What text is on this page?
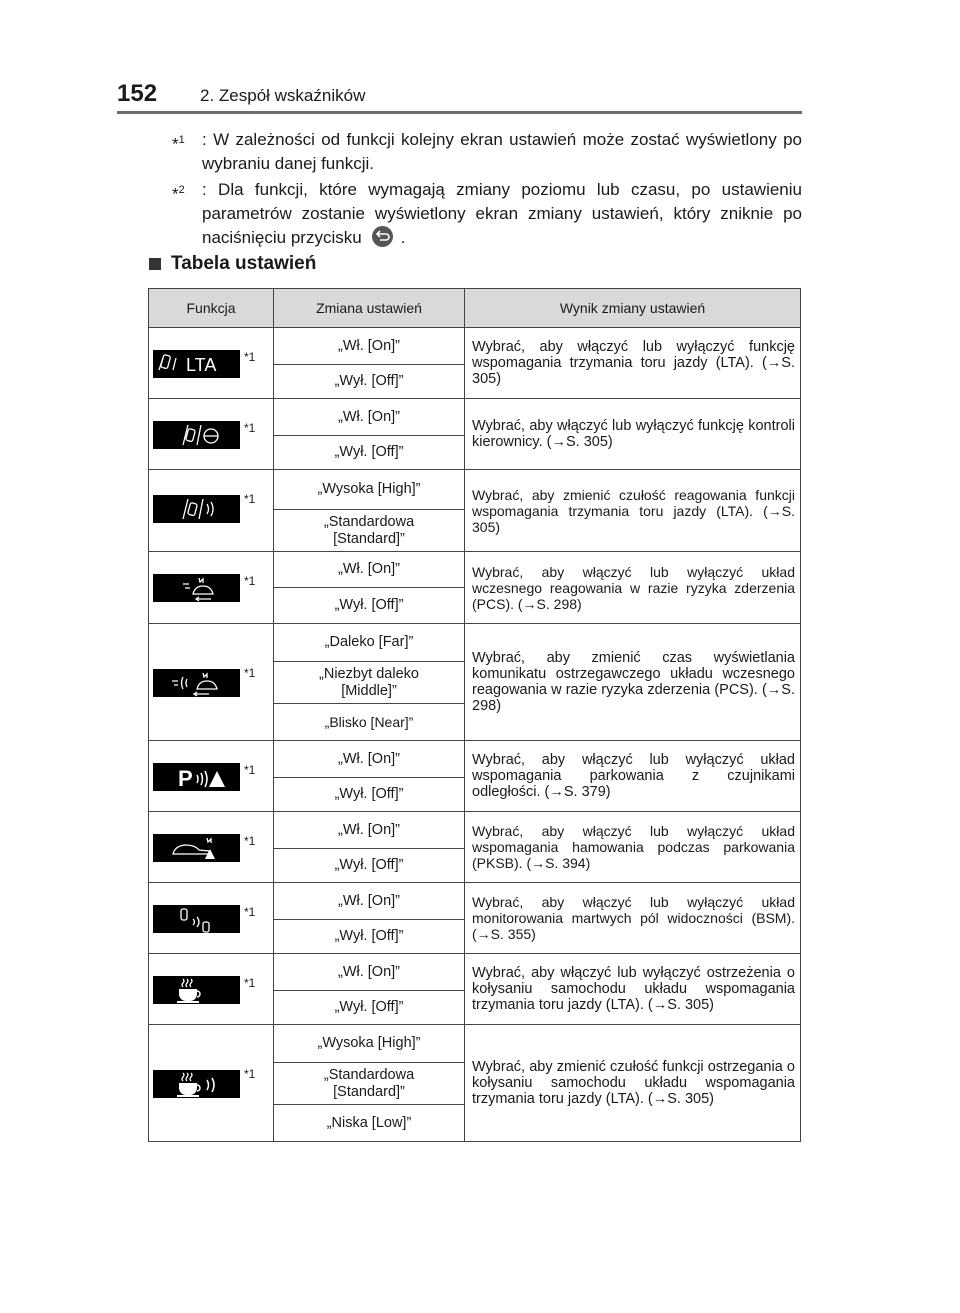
152	2. Zespół wskaźników
*$^1$ : W zależności od funkcji kolejny ekran ustawień może zostać wyświetlony po wybraniu danej funkcji.
*$^2$ : Dla funkcji, które wymagają zmiany poziomu lub czasu, po ustawieniu parametrów zostanie wyświetlony ekran zmiany ustawień, który zniknie po naciśnięciu przycisku .
Tabela ustawień
Funkcja	Zmiana ustawień	Wynik zmiany ustawień

LTA *1	„Wł. [On]”	Wybrać, aby włączyć lub wyłączyć funkcję wspomagania trzymania toru jazdy (LTA). (→S. 305)
	„Wył. [Off]”	

*1	„Wł. [On]”	Wybrać, aby włączyć lub wyłączyć funkcję kontroli kierownicy. (→S. 305)
	„Wył. [Off]”	

*1	„Wysoka [High]”	Wybrać, aby zmienić czułość reagowania funkcji wspomagania trzymania toru jazdy (LTA). (→S. 305)
	„Standardowa [Standard]”	

*1	„Wł. [On]”	Wybrać, aby włączyć lub wyłączyć układ wczesnego reagowania w razie ryzyka zderzenia (PCS). (→S. 298)
	„Wył. [Off]”	

*1	„Daleko [Far]”	Wybrać, aby zmienić czas wyświetlania komunikatu ostrzegawczego układu wczesnego reagowania w razie ryzyka zderzenia (PCS). (→S. 298)
	„Niezbyt daleko [Middle]”	
	„Blisko [Near]”	

P *1	„Wł. [On]”	Wybrać, aby włączyć lub wyłączyć układ wspomagania parkowania z czujnikami odległości. (→S. 379)
	„Wył. [Off]”	

*1	„Wł. [On]”	Wybrać, aby włączyć lub wyłączyć układ wspomagania hamowania podczas parkowania (PKSB). (→S. 394)
	„Wył. [Off]”	

*1	„Wł. [On]”	Wybrać, aby włączyć lub wyłączyć układ monitorowania martwych pól widoczności (BSM). (→S. 355)
	„Wył. [Off]”	

*1	„Wł. [On]”	Wybrać, aby włączyć lub wyłączyć ostrzeżenia o kołysaniu samochodu układu wspomagania trzymania toru jazdy (LTA). (→S. 305)
	„Wył. [Off]”	

*1	„Wysoka [High]”	Wybrać, aby zmienić czułość funkcji ostrzegania o kołysaniu samochodu układu wspomagania trzymania toru jazdy (LTA). (→S. 305)
	„Standardowa [Standard]”	
	„Niska [Low]”	
